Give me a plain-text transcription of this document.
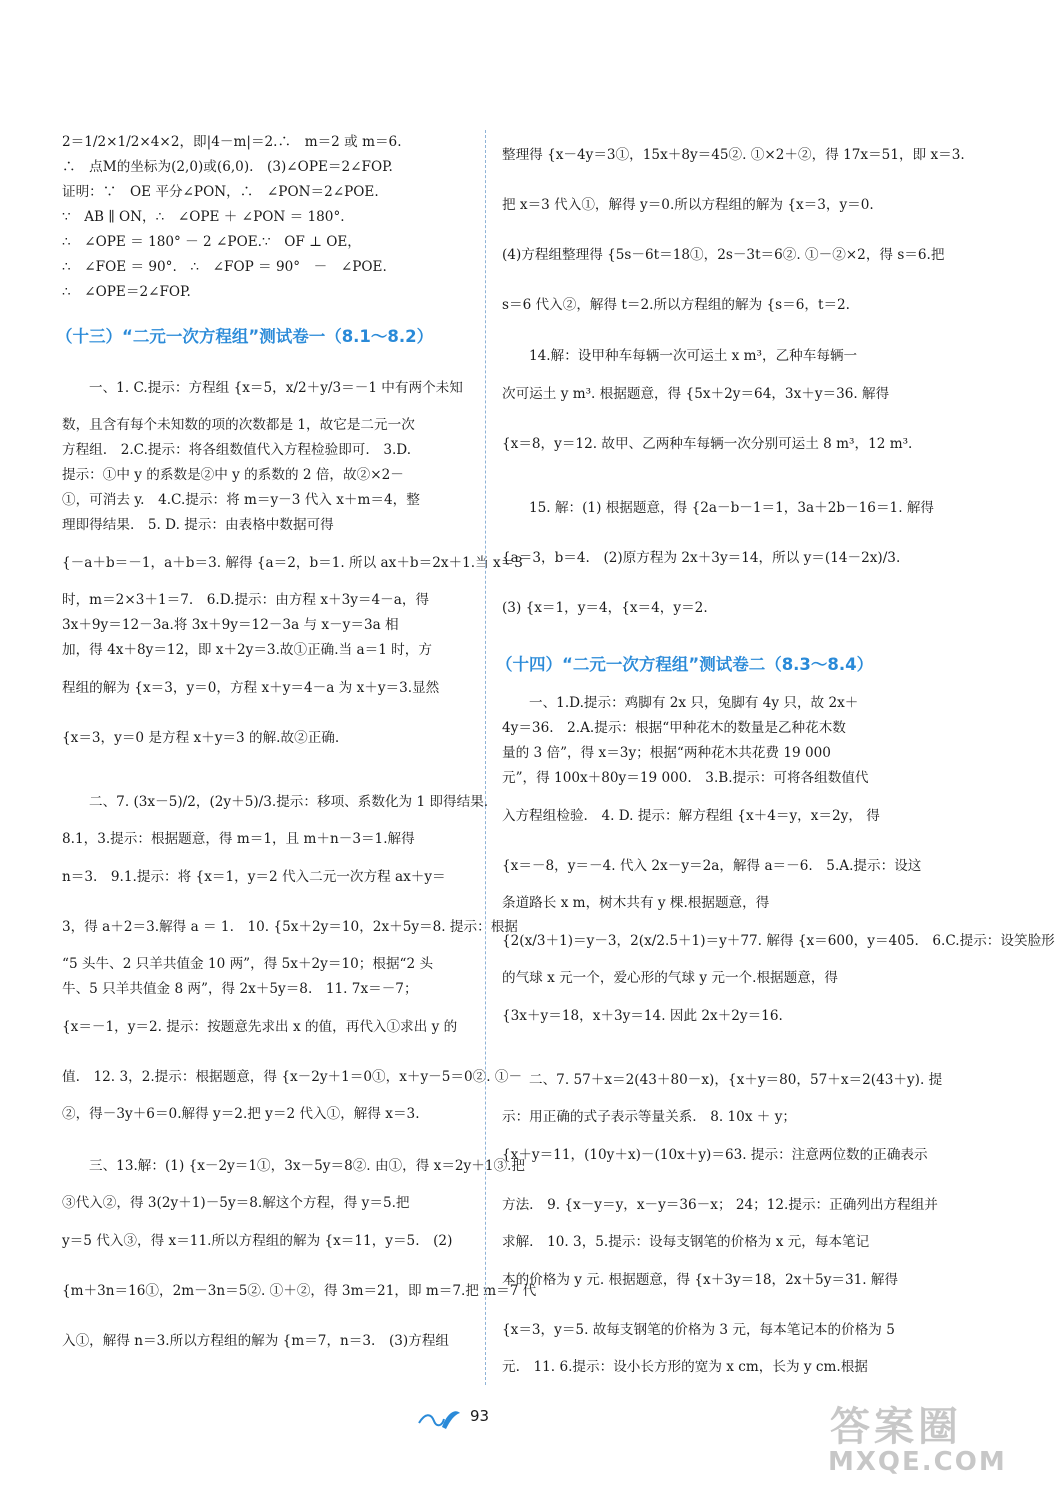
2＝1/2×1/2×4×2，即|4－m|＝2.∴　m＝2 或 m＝6.
∴　点M的坐标为(2,0)或(6,0).　(3)∠OPE＝2∠FOP.
证明：∵　OE 平分∠PON，∴　∠PON＝2∠POE.
∵　AB ∥ ON，∴　∠OPE ＋ ∠PON ＝ 180°.
∴　∠OPE ＝ 180° － 2 ∠POE.∵　OF ⊥ OE，
∴　∠FOE ＝ 90°.　∴　∠FOP ＝ 90°　－　∠POE.
∴　∠OPE＝2∠FOP.
（十三）“二元一次方程组”测试卷一（8.1～8.2）
一、1. C.提示：方程组 {x＝5，x/2＋y/3＝－1 中有两个未知
数，且含有每个未知数的项的次数都是 1，故它是二元一次
方程组.　2.C.提示：将各组数值代入方程检验即可.　3.D.
提示：①中 y 的系数是②中 y 的系数的 2 倍，故②×2－
①，可消去 y.　4.C.提示：将 m＝y－3 代入 x＋m＝4，整
理即得结果.　5. D. 提示：由表格中数据可得
{－a＋b＝－1，a＋b＝3. 解得 {a＝2，b＝1. 所以 ax＋b＝2x＋1.当 x＝3
时，m＝2×3＋1＝7.　6.D.提示：由方程 x＋3y＝4－a，得
3x＋9y＝12－3a.将 3x＋9y＝12－3a 与 x－y＝3a 相
加，得 4x＋8y＝12，即 x＋2y＝3.故①正确.当 a＝1 时，方
程组的解为 {x＝3，y＝0，方程 x＋y＝4－a 为 x＋y＝3.显然
{x＝3，y＝0 是方程 x＋y＝3 的解.故②正确.
二、7. (3x－5)/2，(2y＋5)/3.提示：移项、系数化为 1 即得结果.
8.1，3.提示：根据题意，得 m＝1，且 m＋n－3＝1.解得
n＝3.　9.1.提示：将 {x＝1，y＝2 代入二元一次方程 ax＋y＝
3，得 a＋2＝3.解得 a ＝ 1.　10. {5x＋2y＝10，2x＋5y＝8. 提示：根据
“5 头牛、2 只羊共值金 10 两”，得 5x＋2y＝10；根据“2 头
牛、5 只羊共值金 8 两”，得 2x＋5y＝8.　11. 7x＝－7；
{x＝－1，y＝2. 提示：按题意先求出 x 的值，再代入①求出 y 的
值.　12. 3，2.提示：根据题意，得 {x－2y＋1＝0①，x＋y－5＝0②. ①－
②，得－3y＋6＝0.解得 y＝2.把 y＝2 代入①，解得 x＝3.
三、13.解：(1) {x－2y＝1①，3x－5y＝8②. 由①，得 x＝2y＋1③.把
③代入②，得 3(2y＋1)－5y＝8.解这个方程，得 y＝5.把
y＝5 代入③，得 x＝11.所以方程组的解为 {x＝11，y＝5.　(2)
{m＋3n＝16①，2m－3n＝5②. ①＋②，得 3m＝21，即 m＝7.把 m＝7 代
入①，解得 n＝3.所以方程组的解为 {m＝7，n＝3.　(3)方程组
整理得 {x－4y＝3①，15x＋8y＝45②. ①×2＋②，得 17x＝51，即 x＝3.
把 x＝3 代入①，解得 y＝0.所以方程组的解为 {x＝3，y＝0.
(4)方程组整理得 {5s－6t＝18①，2s－3t＝6②. ①－②×2，得 s＝6.把
s＝6 代入②，解得 t＝2.所以方程组的解为 {s＝6，t＝2.
14.解：设甲种车每辆一次可运土 x m³，乙种车每辆一
次可运土 y m³. 根据题意，得 {5x＋2y＝64，3x＋y＝36. 解得
{x＝8，y＝12. 故甲、乙两种车每辆一次分别可运土 8 m³，12 m³.
15. 解：(1) 根据题意，得 {2a－b－1＝1，3a＋2b－16＝1. 解得
{a＝3，b＝4.　(2)原方程为 2x＋3y＝14，所以 y＝(14－2x)/3.
(3) {x＝1，y＝4，{x＝4，y＝2.
（十四）“二元一次方程组”测试卷二（8.3～8.4）
一、1.D.提示：鸡脚有 2x 只，兔脚有 4y 只，故 2x＋
4y＝36.　2.A.提示：根据“甲种花木的数量是乙种花木数
量的 3 倍”，得 x＝3y；根据“两种花木共花费 19 000
元”，得 100x＋80y＝19 000.　3.B.提示：可将各组数值代
入方程组检验.　4. D. 提示：解方程组 {x＋4＝y，x＝2y， 得
{x＝－8，y＝－4. 代入 2x－y＝2a，解得 a＝－6.　5.A.提示：设这
条道路长 x m，树木共有 y 棵.根据题意，得
{2(x/3＋1)＝y－3，2(x/2.5＋1)＝y＋77. 解得 {x＝600，y＝405.　6.C.提示：设笑脸形
的气球 x 元一个，爱心形的气球 y 元一个.根据题意，得
{3x＋y＝18，x＋3y＝14. 因此 2x＋2y＝16.
二、7. 57＋x＝2(43＋80－x)，{x＋y＝80，57＋x＝2(43＋y). 提
示：用正确的式子表示等量关系.　8. 10x ＋ y；
{x＋y＝11，(10y＋x)－(10x＋y)＝63. 提示：注意两位数的正确表示
方法.　9. {x－y＝y，x－y＝36－x； 24；12.提示：正确列出方程组并
求解.　10. 3，5.提示：设每支钢笔的价格为 x 元，每本笔记
本的价格为 y 元. 根据题意，得 {x＋3y＝18，2x＋5y＝31. 解得
{x＝3，y＝5. 故每支钢笔的价格为 3 元，每本笔记本的价格为 5
元.　11. 6.提示：设小长方形的宽为 x cm，长为 y cm.根据
93	答案圈
MXQE.COM
